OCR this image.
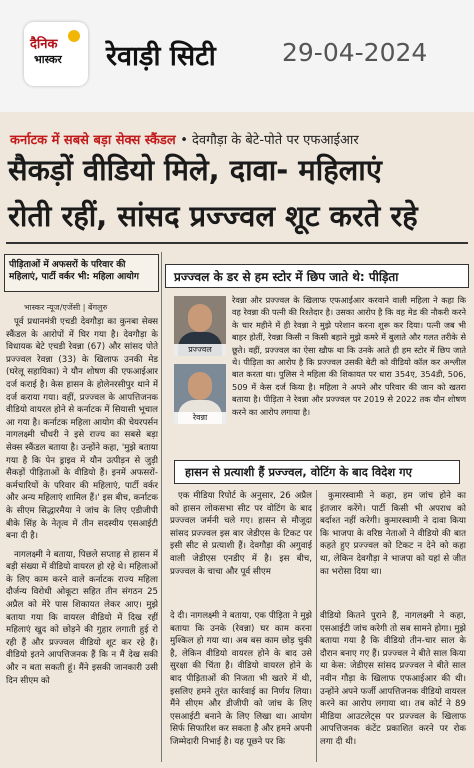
दैनिक
भास्कर रेवाड़ी सिटी	29-04-2024
कर्नाटक में सबसे बड़ा सेक्स स्कैंडल • देवगौड़ा के बेटे-पोते पर एफआईआर
सैकड़ों वीडियो मिले, दावा- महिलाएं
रोती रहीं, सांसद प्रज्ज्वल शूट करते रहे
पीड़िताओं में अफसरों के परिवार की महिलाएं, पार्टी वर्कर भी: महिला आयोग
भास्कर न्यूज/एजेंसी | बेंगलुरु

पूर्व प्रधानमंत्री एचडी देवगौड़ा का कुनबा सेक्स स्कैंडल के आरोपों में घिर गया है। देवगौड़ा के विधायक बेटे एचडी रेवन्ना (67) और सांसद पोते प्रज्ज्वल रेवन्ना (33) के खिलाफ उनकी मेड (घरेलू सहायिका) ने यौन शोषण की एफआईआर दर्ज कराई है। केस हासन के होलेनरसीपुर थाने में दर्ज कराया गया। वहीं, प्रज्ज्वल के आपत्तिजनक वीडियो वायरल होने से कर्नाटक में सियासी भूचाल आ गया है। कर्नाटक महिला आयोग की चेयरपर्सन नागलक्ष्मी चौधरी ने इसे राज्य का सबसे बड़ा सेक्स स्कैंडल बताया है। उन्होंने कहा, 'मुझे बताया गया है कि पेन ड्राइव में यौन उत्पीड़न से जुड़ी सैकड़ों पीड़िताओं के वीडियो हैं। इनमें अफसरों-कर्मचारियों के परिवार की महिलाएं, पार्टी वर्कर और अन्य महिलाएं शामिल हैं।' इस बीच, कर्नाटक के सीएम सिद्धारमैया ने जांच के लिए एडीजीपी बीके सिंह के नेतृत्व में तीन सदस्यीय एसआईटी बना दी है।

नागलक्ष्मी ने बताया, पिछले सप्ताह से हासन में बड़ी संख्या में वीडियो वायरल हो रहे थे। महिलाओं के लिए काम करने वाले कर्नाटक राज्य महिला दौर्जन्य विरोधी ओकूटा सहित तीन संगठन 25 अप्रैल को मेरे पास शिकायत लेकर आए। मुझे बताया गया कि वायरल वीडियो में दिख रहीं महिलाएं खुद को छोड़ने की गुहार लगाती हुई रो रही हैं और प्रज्ज्वल वीडियो शूट कर रहे हैं। वीडियो इतने आपत्तिजनक हैं कि न मैं देख सकी और न बता सकती हूं। मैंने इसकी जानकारी उसी दिन सीएम को

प्रज्ज्वल के डर से हम स्टोर में छिप जाते थे: पीड़िता
प्रज्ज्वल
रेवन्ना

रेवन्ना और प्रज्ज्वल के खिलाफ एफआईआर करवाने वाली महिला ने कहा कि वह रेवन्ना की पत्नी की रिश्तेदार है। उसका आरोप है कि वह मेड की नौकरी करने के चार महीने में ही रेवन्ना ने मुझे परेशान करना शुरू कर दिया। पत्नी जब भी बाहर होतीं, रेवन्ना किसी न किसी बहाने मुझे कमरे में बुलाते और गलत तरीके से छूते। वहीं, प्रज्ज्वल का ऐसा खौफ था कि उनके आते ही हम स्टोर में छिप जाते थे। पीड़िता का आरोप है कि प्रज्ज्वल उसकी बेटी को वीडियो कॉल कर अश्लील बात करता था। पुलिस ने महिला की शिकायत पर धारा 354ए, 354डी, 506, 509 में केस दर्ज किया है। महिला ने अपने और परिवार की जान को खतरा बताया है। पीड़िता ने रेवन्ना और प्रज्ज्वल पर 2019 से 2022 तक यौन शोषण करने का आरोप लगाया है।

हासन से प्रत्याशी हैं प्रज्ज्वल, वोटिंग के बाद विदेश गए

एक मीडिया रिपोर्ट के अनुसार, 26 अप्रैल को हासन लोकसभा सीट पर वोटिंग के बाद प्रज्ज्वल जर्मनी चले गए। हासन से मौजूदा सांसद प्रज्ज्वल इस बार जेडीएस के टिकट पर इसी सीट से प्रत्याशी हैं। देवगौड़ा की अगुवाई वाली जेडीएस एनडीए में है। इस बीच, प्रज्ज्वल के चाचा और पूर्व सीएम

कुमारस्वामी ने कहा, हम जांच होने का इंतजार करेंगे। पार्टी किसी भी अपराध को बर्दाश्त नहीं करेगी। कुमारस्वामी ने दावा किया कि भाजपा के वरिष्ठ नेताओं ने वीडियो की बात कहते हुए प्रज्ज्वल को टिकट न देने को कहा था, लेकिन देवगौड़ा ने भाजपा को यहां से जीत का भरोसा दिया था।

दे दी। नागलक्ष्मी ने बताया, एक पीड़िता ने मुझे बताया कि उनके (रेवन्ना) घर काम करना मुश्किल हो गया था। अब बस काम छोड़ चुकी है, लेकिन वीडियो वायरल होने के बाद उसे सुरक्षा की चिंता है। वीडियो वायरल होने के बाद पीड़िताओं की निजता भी खतरे में थी, इसलिए हमने तुरंत कार्रवाई का निर्णय लिया। मैंने सीएम और डीजीपी को जांच के लिए एसआईटी बनाने के लिए लिखा था। आयोग सिर्फ सिफारिश कर सकता है और हमने अपनी जिम्मेदारी निभाई है। यह पूछने पर कि

वीडियो कितने पुराने हैं, नागलक्ष्मी ने कहा, एसआईटी जांच करेगी तो सब सामने होगा। मुझे बताया गया है कि वीडियो तीन-चार साल के दौरान बनाए गए हैं। प्रज्ज्वल ने बीते साल किया था केस: जेडीएस सांसद प्रज्ज्वल ने बीते साल नवीन गौड़ा के खिलाफ एफआईआर की थी। उन्होंने अपने फर्जी आपत्तिजनक वीडियो वायरल करने का आरोप लगाया था। तब कोर्ट ने 89 मीडिया आउटलेट्स पर प्रज्ज्वल के खिलाफ आपत्तिजनक कंटेंट प्रकाशित करने पर रोक लगा दी थी।
